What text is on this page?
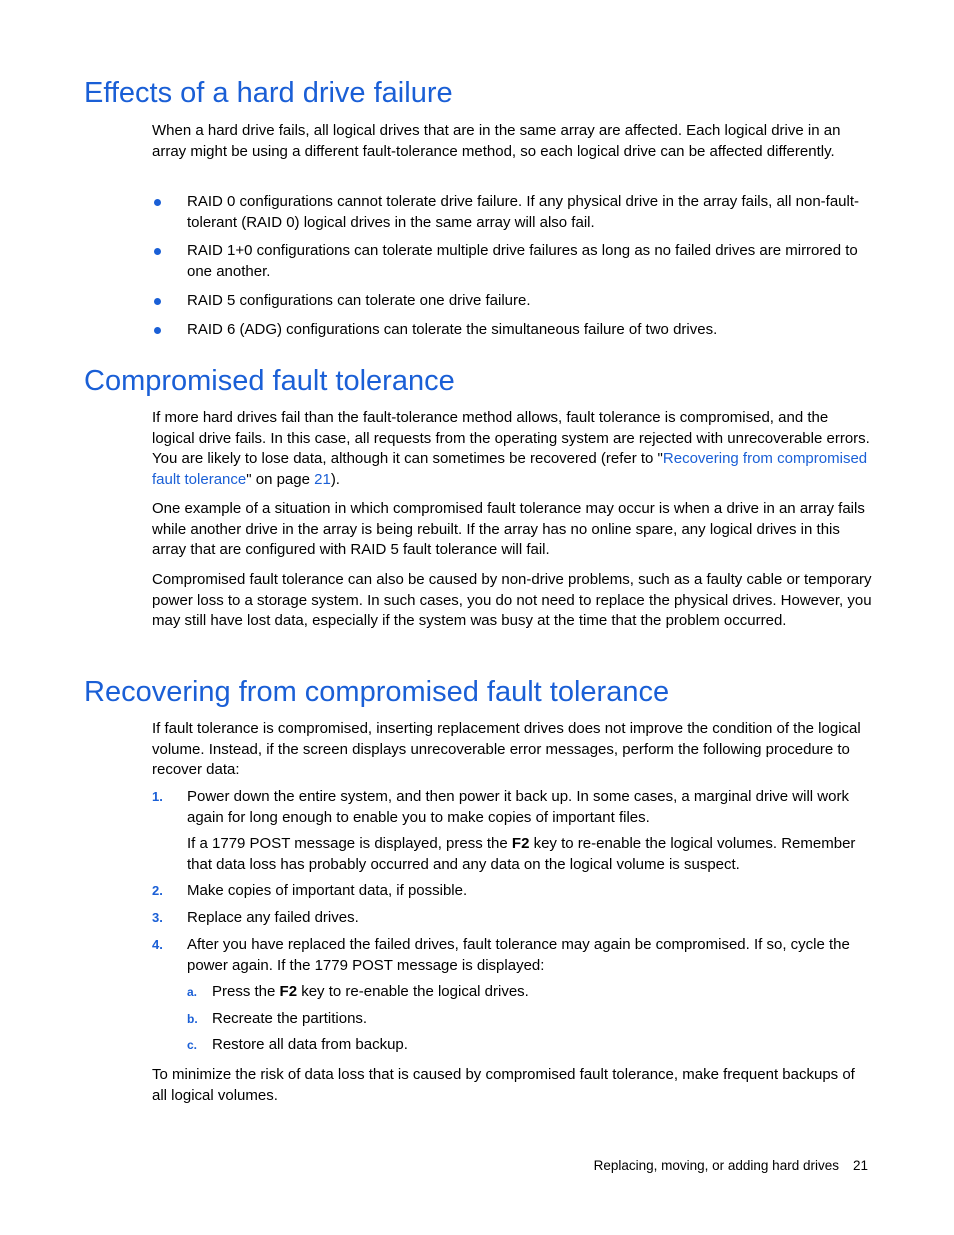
Effects of a hard drive failure

When a hard drive fails, all logical drives that are in the same array are affected. Each logical drive in an array might be using a different fault-tolerance method, so each logical drive can be affected differently.

RAID 0 configurations cannot tolerate drive failure. If any physical drive in the array fails, all non-fault-tolerant (RAID 0) logical drives in the same array will also fail.
RAID 1+0 configurations can tolerate multiple drive failures as long as no failed drives are mirrored to one another.
RAID 5 configurations can tolerate one drive failure.
RAID 6 (ADG) configurations can tolerate the simultaneous failure of two drives.
Compromised fault tolerance

If more hard drives fail than the fault-tolerance method allows, fault tolerance is compromised, and the logical drive fails. In this case, all requests from the operating system are rejected with unrecoverable errors. You are likely to lose data, although it can sometimes be recovered (refer to "Recovering from compromised fault tolerance" on page 21).

One example of a situation in which compromised fault tolerance may occur is when a drive in an array fails while another drive in the array is being rebuilt. If the array has no online spare, any logical drives in this array that are configured with RAID 5 fault tolerance will fail.

Compromised fault tolerance can also be caused by non-drive problems, such as a faulty cable or temporary power loss to a storage system. In such cases, you do not need to replace the physical drives. However, you may still have lost data, especially if the system was busy at the time that the problem occurred.

Recovering from compromised fault tolerance

If fault tolerance is compromised, inserting replacement drives does not improve the condition of the logical volume. Instead, if the screen displays unrecoverable error messages, perform the following procedure to recover data:

1.	Power down the entire system, and then power it back up. In some cases, a marginal drive will work again for long enough to enable you to make copies of important files.
If a 1779 POST message is displayed, press the F2 key to re-enable the logical volumes. Remember that data loss has probably occurred and any data on the logical volume is suspect.
2.	Make copies of important data, if possible.
3.	Replace any failed drives.
4.	After you have replaced the failed drives, fault tolerance may again be compromised. If so, cycle the power again. If the 1779 POST message is displayed:
a. Press the F2 key to re-enable the logical drives.
b. Recreate the partitions.
c. Restore all data from backup.

To minimize the risk of data loss that is caused by compromised fault tolerance, make frequent backups of all logical volumes.

Replacing, moving, or adding hard drives 21
